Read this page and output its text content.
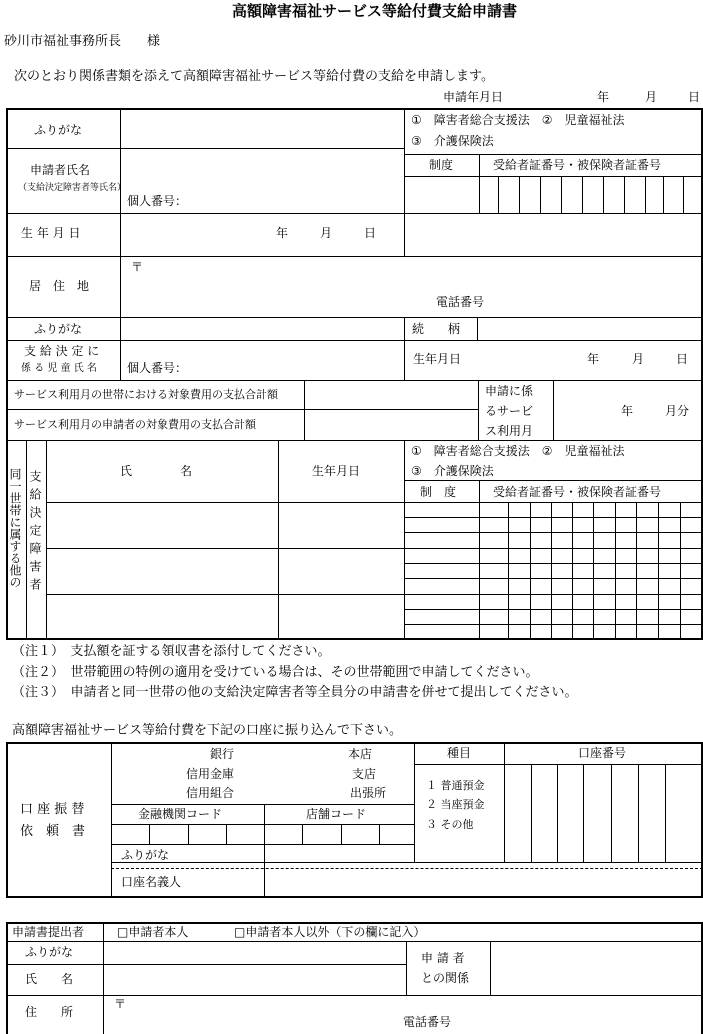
高額障害福祉サービス等給付費支給申請書
砂川市福祉事務所長　　様
次のとおり関係書類を添えて高額障害福祉サービス等給付費の支給を申請します。
申請年月日	年	月	日
ふりがな
①　障害者総合支援法　②　児童福祉法
③　介護保険法
申請者氏名
（支給決定障害者等氏名）
個人番号：
制度	受給者証番号・被保険者証番号
生 年 月 日	年	月	日
居　住　地
〒
電話番号
ふりがな	続　　柄
支 給 決 定 に
係 る 児 童 氏 名	個人番号：
生年月日	年	月	日
サービス利用月の世帯における対象費用の支払合計額
サービス利用月の申請者の対象費用の支払合計額
申請に係
るサービ
ス利用月
年	月分
同一世帯に属する他の 支給決定障害者	氏　　　　名	生年月日
①　障害者総合支援法　②　児童福祉法
③　介護保険法
制　度	受給者証番号・被保険者証番号
（注１）　支払額を証する領収書を添付してください。
（注２）　世帯範囲の特例の適用を受けている場合は、その世帯範囲で申請してください。
（注３）　申請者と同一世帯の他の支給決定障害者等全員分の申請書を併せて提出してください。
高額障害福祉サービス等給付費を下記の口座に振り込んで下さい。
口 座 振 替
依　頼　書
銀行
信用金庫
信用組合
本店
支店
出張所
種目	口座番号
１ 普通預金
２ 当座預金
３ その他
金融機関コード	店舗コード
ふりがな
口座名義人
申請書提出者	□申請者本人	□申請者本人以外（下の欄に記入）
ふりがな
氏　　名
申 請 者
との関係
住　　所
〒
電話番号
